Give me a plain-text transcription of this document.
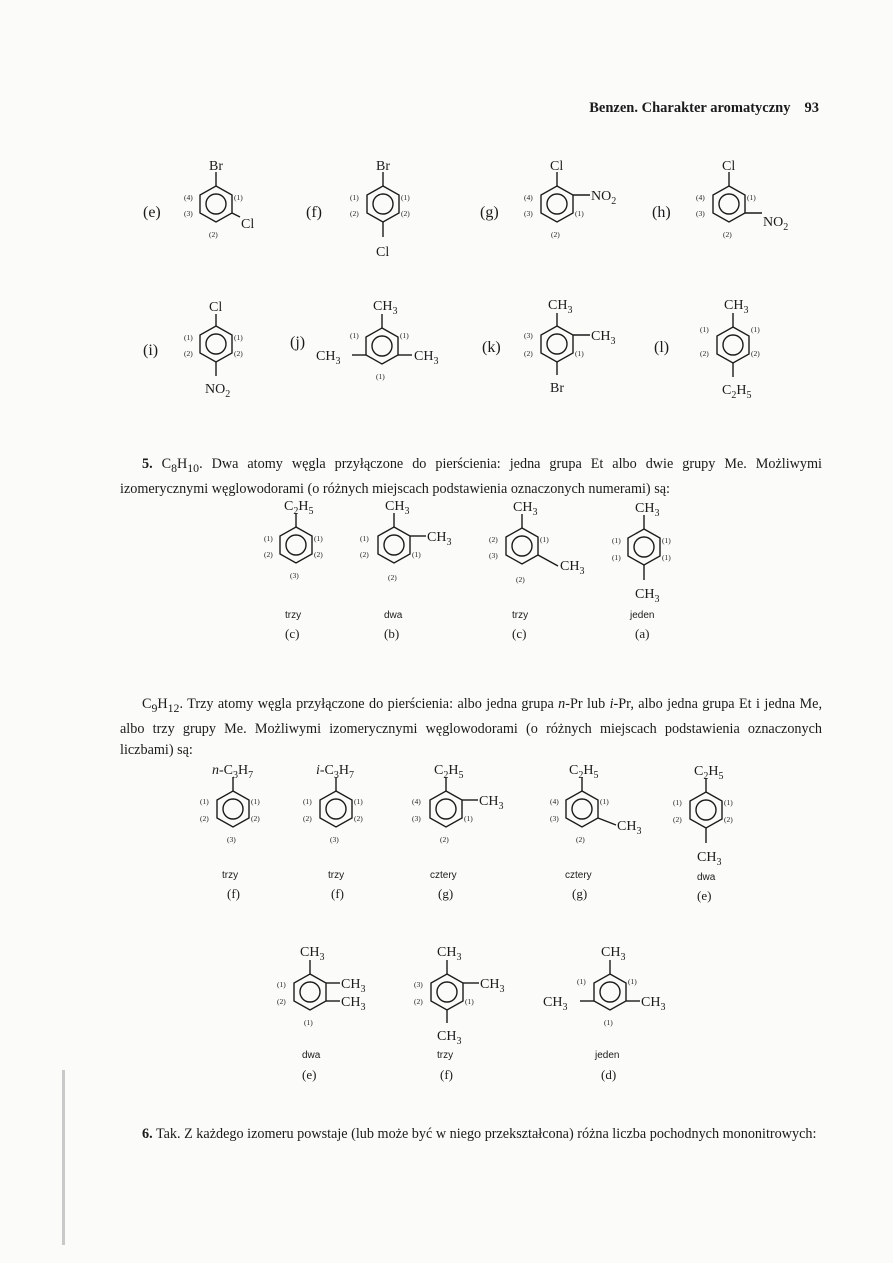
Benzen. Charakter aromatyczny 93
(e)
Br
Cl
(4)	(1)
(3)
(2)
(f)
Br
Cl
(1)	(1)
(2)	(2)	(g)
Cl
$NO_2$
(4)
(3)	(1)
(2)
(h)
Cl
$NO_2$
(4)	(1)
(3)
(2)
(i)
Cl
$NO_2$
(1)	(1)
(2)	(2)
(j)
$CH_3$
$CH_3$	$CH_3$
(1)	(1)
(1)
(k)
$CH_3$
$CH_3$
Br
(3)
(2)	(1)	(l)
$CH_3$
$C_2H_5$
(1)	(1)
(2)	(2)
$C_2H_5$
(1)	(1)
(2)	(2)
(3)
trzy
(c)
$CH_3$
$CH_3$
(1)
(2)	(1)
(2)
dwa
(b)
$CH_3$
$CH_3$
(2)	(1)
(3)
(2)
trzy
(c)
$CH_3$
$CH_3$
(1)	(1)
(1)	(1)
jeden
(a)
$n-C_3H_7$
(1)	(1)
(2)	(2)
(3)
trzy
(f)
$i-C_3H_7$
(1)	(1)
(2)	(2)
(3)
trzy
(f)
$C_2H_5$
$CH_3$
(4)
(3)	(1)
(2)
cztery
(g)
$C_2H_5$
$CH_3$
(4)	(1)
(3)
(2)
cztery
(g)
$C_2H_5$
$CH_3$
(1)	(1)
(2)	(2)
dwa
(e)
$CH_3$
$CH_3$
$CH_3$
(1)
(2)
(1)
dwa
(e)
$CH_3$
$CH_3$
$CH_3$
(3)
(2)	(1)
trzy
(f)
$CH_3$
$CH_3$	$CH_3$
(1)	(1)
(1)
jeden
(d)

5. $C_8H_{10}$. Dwa atomy węgla przyłączone do pierścienia: jedna grupa Et albo dwie grupy Me. Możliwymi izomerycznymi węglowodorami (o różnych miejscach podstawienia oznaczonych numerami) są:

$C_9H_{12}$. Trzy atomy węgla przyłączone do pierścienia: albo jedna grupa n-Pr lub i-Pr, albo jedna grupa Et i jedna Me, albo trzy grupy Me. Możliwymi izomerycznymi węglowodorami (o różnych miejscach podstawienia oznaczonych liczbami) są:

6. Tak. Z każdego izomeru powstaje (lub może być w niego przekształcona) różna liczba pochodnych mononitrowych:
